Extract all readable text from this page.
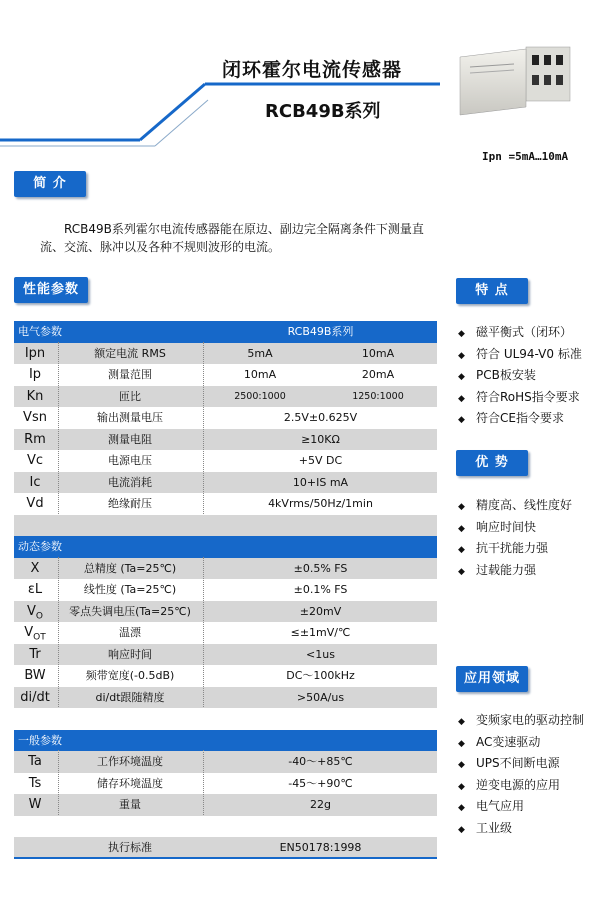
闭环霍尔电流传感器
RCB49B系列
Ipn =5mA…10mA
简 介
RCB49B系列霍尔电流传感器能在原边、副边完全隔离条件下测量直流、交流、脉冲以及各种不规则波形的电流。
性能参数
电气参数	RCB49B系列
Ipn	额定电流 RMS	5mA	10mA
Ip	测量范围	10mA	20mA
Kn	匝比	2500:1000	1250:1000
Vsn	输出测量电压	2.5V±0.625V
Rm	测量电阻	≥10KΩ
Vc	电源电压	+5V DC
Ic	电流消耗	10+IS mA
Vd	绝缘耐压	4kVrms/50Hz/1min
动态参数
X	总精度 (Ta=25℃)	±0.5% FS
εL	线性度 (Ta=25℃)	±0.1% FS
$V_O$	零点失调电压(Ta=25℃)	±20mV
$V_{OT}$	温漂	≤±1mV/℃
Tr	响应时间	<1us
BW	频带宽度(-0.5dB)	DC～100kHz
di/dt	di/dt跟随精度	>50A/us
一般参数
Ta	工作环境温度	-40～+85℃
Ts	储存环境温度	-45～+90℃
W	重量	22g
执行标准	EN50178:1998
特 点
◆ 磁平衡式（闭环）
◆ 符合 UL94-V0 标准
◆ PCB板安装
◆ 符合RoHS指令要求
◆ 符合CE指令要求
优 势
◆ 精度高、线性度好
◆ 响应时间快
◆ 抗干扰能力强
◆ 过载能力强
应用领域
◆ 变频家电的驱动控制
◆ AC变速驱动
◆ UPS不间断电源
◆ 逆变电源的应用
◆ 电气应用
◆ 工业级
